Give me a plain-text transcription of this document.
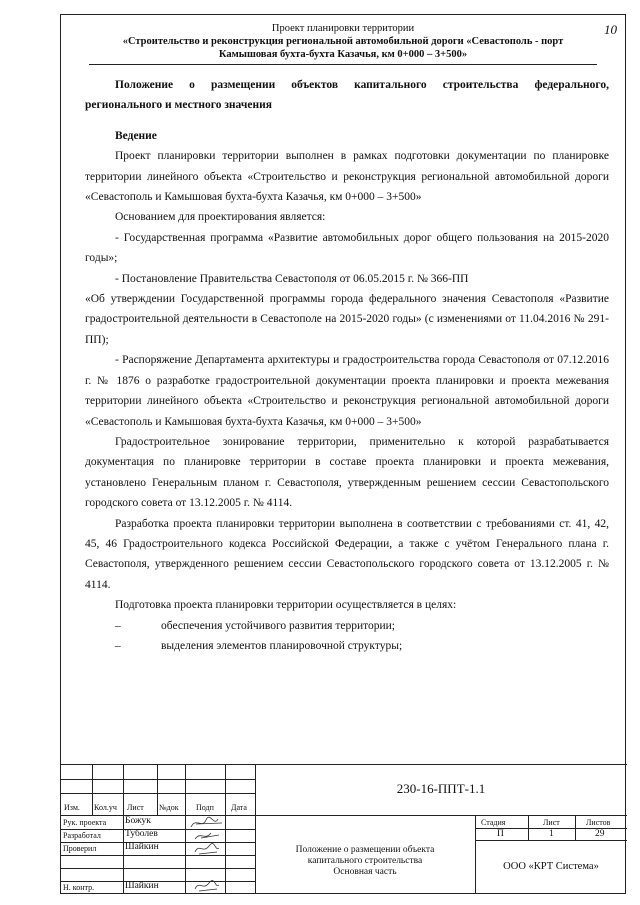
10
Проект планировки территории
«Строительство и реконструкция региональной автомобильной дороги «Севастополь - порт
Камышовая бухта-бухта Казачья, км 0+000 – 3+500»

Положение о размещении объектов капитального строительства федерального, регионального и местного значения

Ведение

Проект планировки территории выполнен в рамках подготовки документации по планировке территории линейного объекта «Строительство и реконструкция региональной автомобильной дороги «Севастополь и Камышовая бухта-бухта Казачья, км 0+000 – 3+500»

Основанием для проектирования является:

- Государственная программа «Развитие автомобильных дорог общего пользования на 2015-2020 годы»;

- Постановление Правительства Севастополя от 06.05.2015 г. № 366-ПП

«Об утверждении Государственной программы города федерального значения Севастополя «Развитие градостроительной деятельности в Севастополе на 2015-2020 годы» (с изменениями от 11.04.2016 № 291-ПП);

- Распоряжение Департамента архитектуры и градостроительства города Севастополя от 07.12.2016 г. № 1876 о разработке градостроительной документации проекта планировки и проекта межевания территории линейного объекта «Строительство и реконструкция региональной автомобильной дороги «Севастополь и Камышовая бухта-бухта Казачья, км 0+000 – 3+500»

Градостроительное зонирование территории, применительно к которой разрабатывается документация по планировке территории в составе проекта планировки и проекта межевания, установлено Генеральным планом г. Севастополя, утвержденным решением сессии Севастопольского городского совета от 13.12.2005 г. № 4114.

Разработка проекта планировки территории выполнена в соответствии с требованиями ст. 41, 42, 45, 46 Градостроительного кодекса Российской Федерации, а также с учётом Генерального плана г. Севастополя, утвержденного решением сессии Севастопольского городского совета от 13.12.2005 г. № 4114.

Подготовка проекта планировки территории осуществляется в целях:

–	обеспечения устойчивого развития территории;
–	выделения элементов планировочной структуры;
Изм. Кол.уч Лист №док Подп Дата
Рук. проекта Божук
Разработал	Туболев
Проверил	Шайкин
Н. контр.	Шайкин
230-16-ППТ-1.1
Положение о размещении объекта
капитального строительства
Основная часть
Стадия	Лист	Листов
П	1	29
ООО «КРТ Система»
